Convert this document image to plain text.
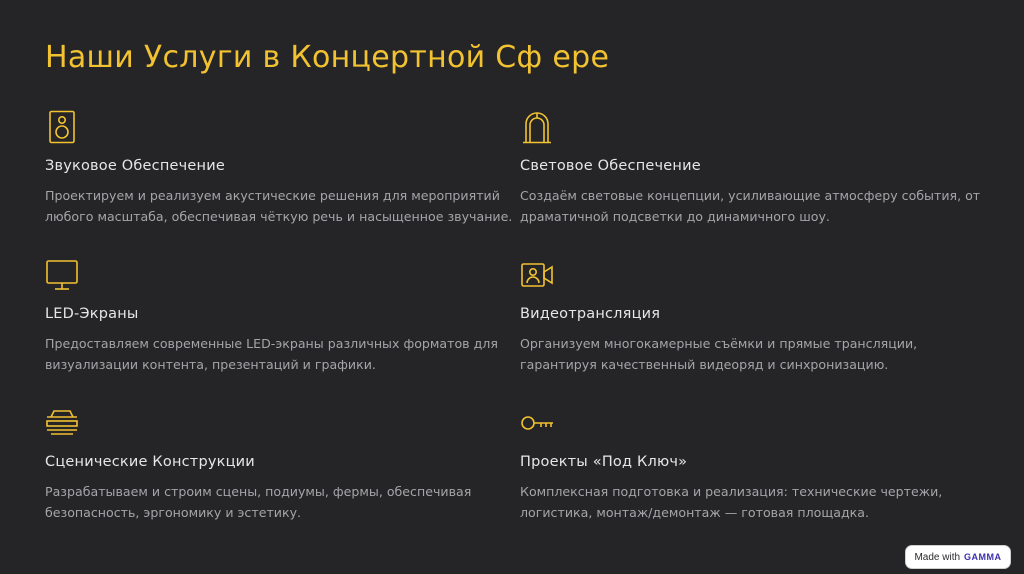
Наши Услуги в Концертной Сф ере
Звуковое Обеспечение
Проектируем и реализуем акустические решения для мероприятий любого масштаба, обеспечивая чёткую речь и насыщенное звучание.
Световое Обеспечение
Создаём световые концепции, усиливающие атмосферу события, от драматичной подсветки до динамичного шоу.
LED-Экраны
Предоставляем современные LED-экраны различных форматов для визуализации контента, презентаций и графики.
Видеотрансляция
Организуем многокамерные съёмки и прямые трансляции, гарантируя качественный видеоряд и синхронизацию.
Сценические Конструкции
Разрабатываем и строим сцены, подиумы, фермы, обеспечивая безопасность, эргономику и эстетику.
Проекты «Под Ключ»
Комплексная подготовка и реализация: технические чертежи, логистика, монтаж/демонтаж — готовая площадка.
Made with GAMMA
